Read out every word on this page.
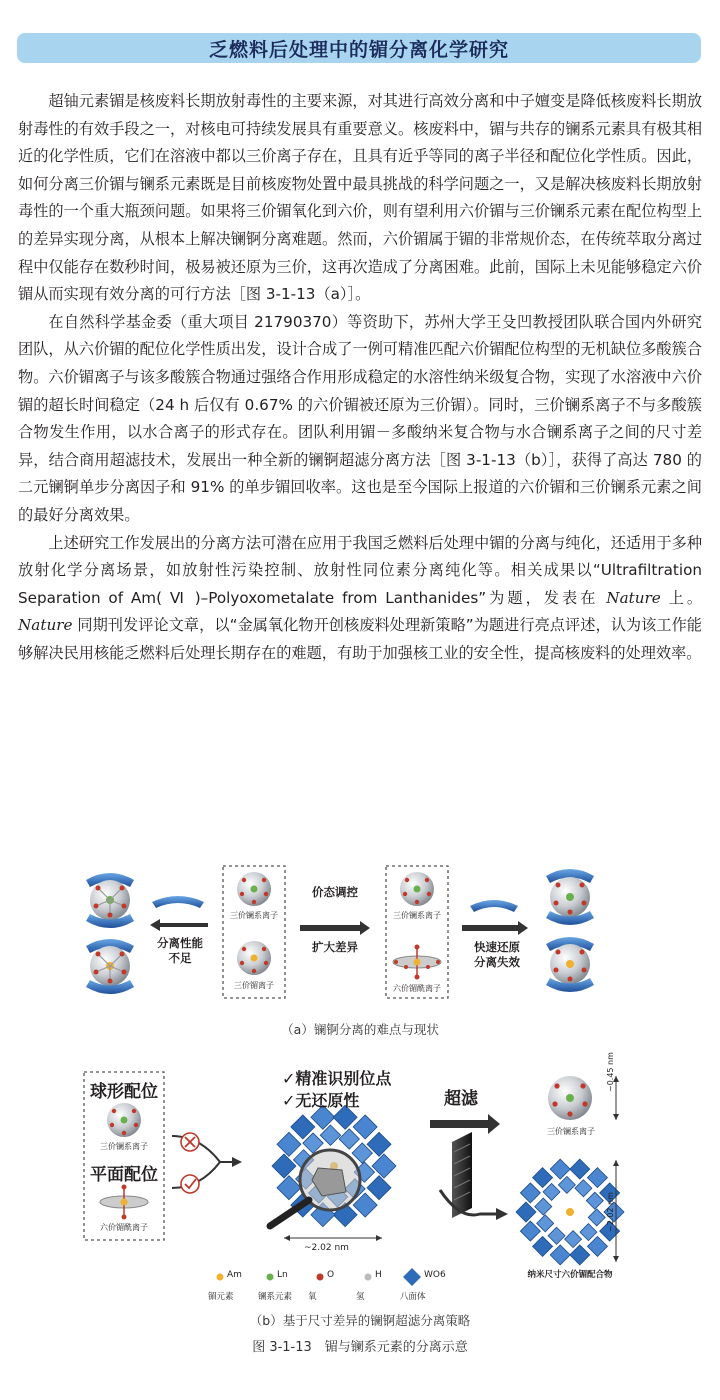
乏燃料后处理中的镅分离化学研究

超铀元素镅是核废料长期放射毒性的主要来源，对其进行高效分离和中子嬗变是降低核废料长期放射毒性的有效手段之一，对核电可持续发展具有重要意义。核废料中，镅与共存的镧系元素具有极其相近的化学性质，它们在溶液中都以三价离子存在，且具有近乎等同的离子半径和配位化学性质。因此，如何分离三价镅与镧系元素既是目前核废物处置中最具挑战的科学问题之一，又是解决核废料长期放射毒性的一个重大瓶颈问题。如果将三价镅氧化到六价，则有望利用六价镅与三价镧系元素在配位构型上的差异实现分离，从根本上解决镧锕分离难题。然而，六价镅属于镅的非常规价态，在传统萃取分离过程中仅能存在数秒时间，极易被还原为三价，这再次造成了分离困难。此前，国际上未见能够稳定六价镅从而实现有效分离的可行方法［图 3-1-13（a）］。

在自然科学基金委（重大项目 21790370）等资助下，苏州大学王殳凹教授团队联合国内外研究团队，从六价镅的配位化学性质出发，设计合成了一例可精准匹配六价镅配位构型的无机缺位多酸簇合物。六价镅离子与该多酸簇合物通过强络合作用形成稳定的水溶性纳米级复合物，实现了水溶液中六价镅的超长时间稳定（24 h 后仅有 0.67% 的六价镅被还原为三价镅）。同时，三价镧系离子不与多酸簇合物发生作用，以水合离子的形式存在。团队利用镅－多酸纳米复合物与水合镧系离子之间的尺寸差异，结合商用超滤技术，发展出一种全新的镧锕超滤分离方法［图 3-1-13（b）］，获得了高达 780 的二元镧锕单步分离因子和 91% 的单步镅回收率。这也是至今国际上报道的六价镅和三价镧系元素之间的最好分离效果。

上述研究工作发展出的分离方法可潜在应用于我国乏燃料后处理中镅的分离与纯化，还适用于多种放射化学分离场景，如放射性污染控制、放射性同位素分离纯化等。相关成果以“Ultrafiltration Separation of Am( Ⅵ )–Polyoxometalate from Lanthanides”为题，发表在 Nature 上。Nature 同期刊发评论文章，以“金属氧化物开创核废料处理新策略”为题进行亮点评述，认为该工作能够解决民用核能乏燃料后处理长期存在的难题，有助于加强核工业的安全性，提高核废料的处理效率。

分离性能
不足
价态调控
扩大差异	快速还原
分离失效
三价镧系离子
三价镅离子
三价镧系离子
六价镅酰离子
（a）镧锕分离的难点与现状
球形配位
三价镧系离子
平面配位
六价镅酰离子
✓精准识别位点
✓无还原性
~2.02 nm
超滤
三价镧系离子
~0.45 nm
~2.02 nm
纳米尺寸六价镅配合物
Am
镅元素
Ln
镧系元素
O
氧
H
氢
WO6
八面体
（b）基于尺寸差异的镧锕超滤分离策略
图 3-1-13　镅与镧系元素的分离示意
